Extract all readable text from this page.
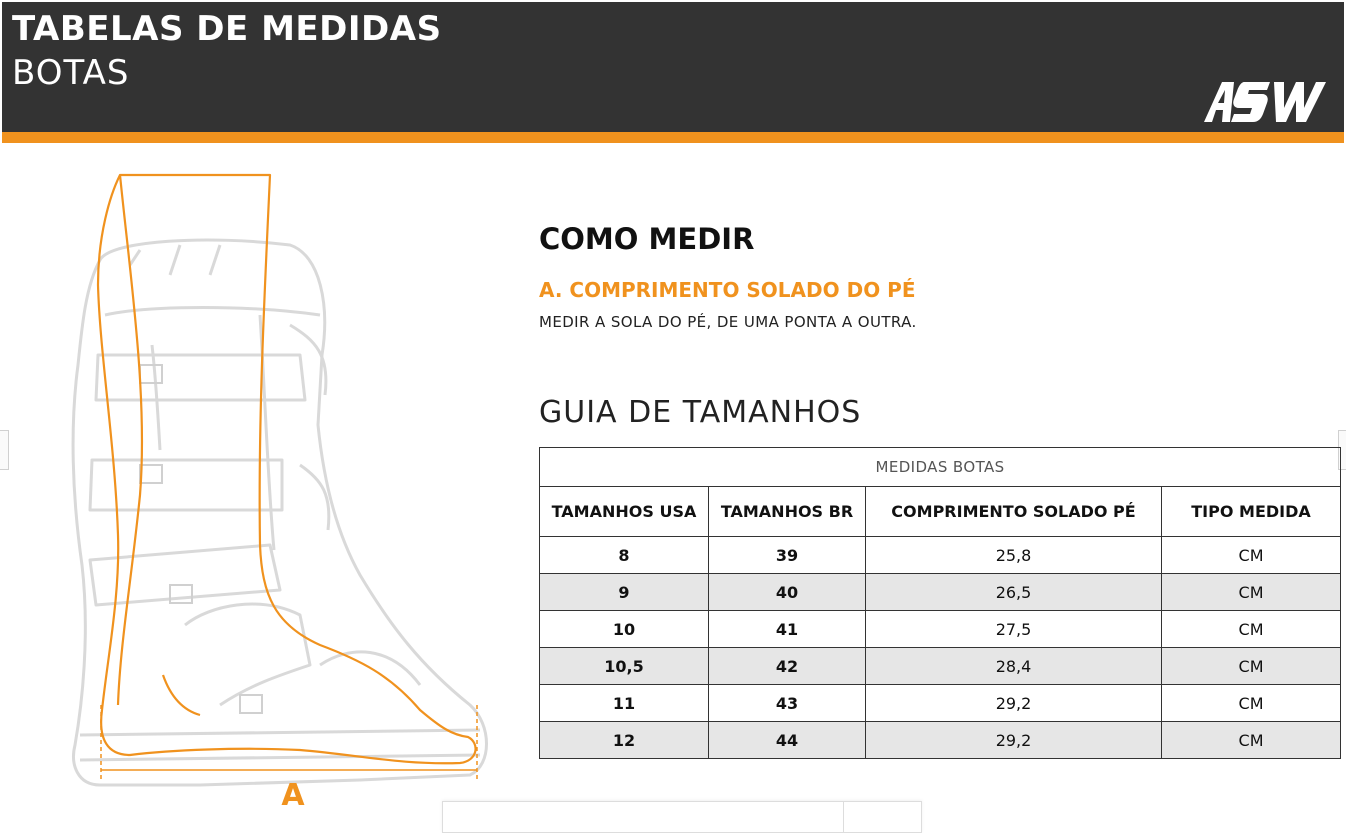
TABELAS DE MEDIDAS
BOTAS
A
COMO MEDIR
A. COMPRIMENTO SOLADO DO PÉ
MEDIR A SOLA DO PÉ, DE UMA PONTA A OUTRA.
GUIA DE TAMANHOS
MEDIDAS BOTAS			
TAMANHOS USA	TAMANHOS BR	COMPRIMENTO SOLADO PÉ	TIPO MEDIDA
8	39	25,8	CM
9	40	26,5	CM
10	41	27,5	CM
10,5	42	28,4	CM
11	43	29,2	CM
12	44	29,2	CM
